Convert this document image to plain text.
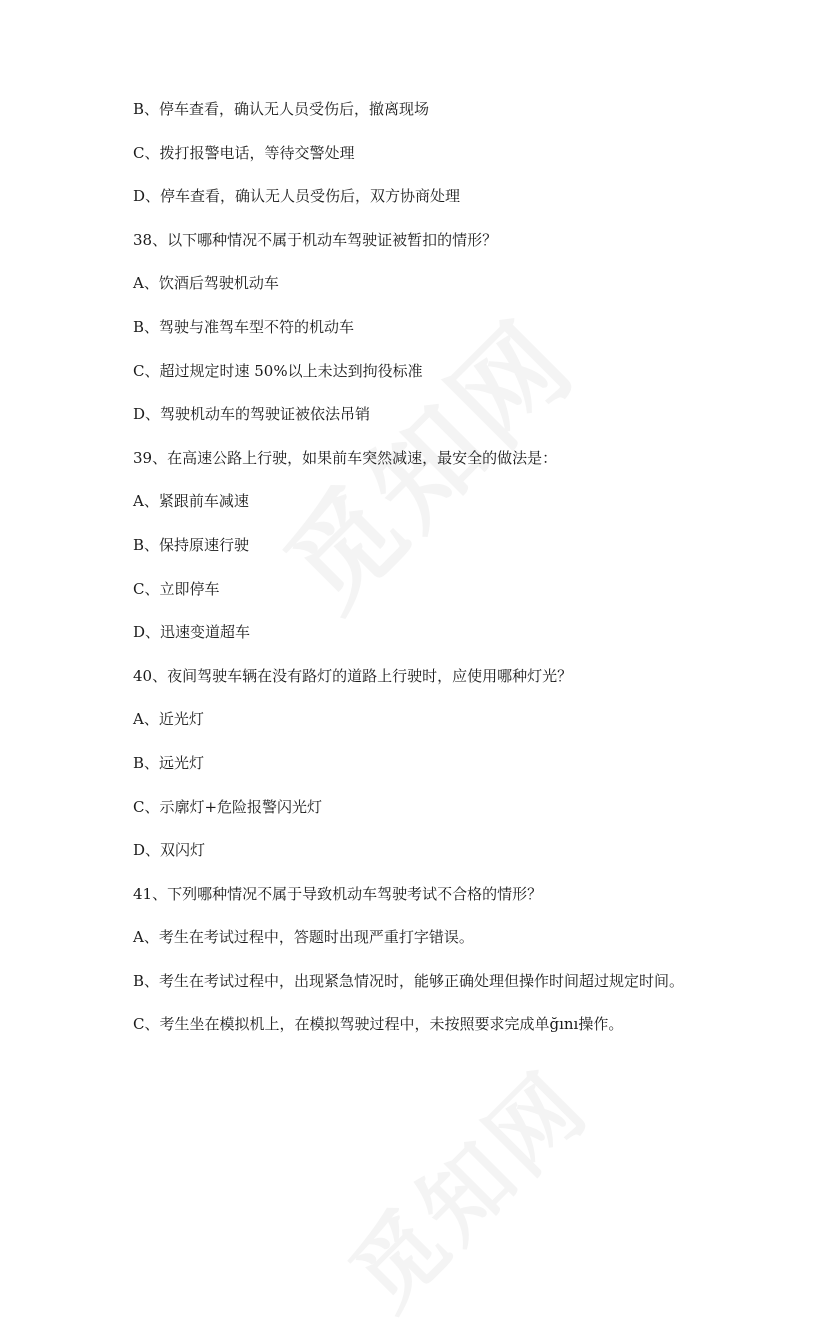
B、停车查看，确认无人员受伤后，撤离现场
C、拨打报警电话，等待交警处理
D、停车查看，确认无人员受伤后，双方协商处理
38、以下哪种情况不属于机动车驾驶证被暂扣的情形？
A、饮酒后驾驶机动车
B、驾驶与准驾车型不符的机动车
C、超过规定时速 50%以上未达到拘役标准
D、驾驶机动车的驾驶证被依法吊销
39、在高速公路上行驶，如果前车突然减速，最安全的做法是：
A、紧跟前车减速
B、保持原速行驶
C、立即停车
D、迅速变道超车
40、夜间驾驶车辆在没有路灯的道路上行驶时，应使用哪种灯光？
A、近光灯
B、远光灯
C、示廓灯+危险报警闪光灯
D、双闪灯
41、下列哪种情况不属于导致机动车驾驶考试不合格的情形？
A、考生在考试过程中，答题时出现严重打字错误。
B、考生在考试过程中，出现紧急情况时，能够正确处理但操作时间超过规定时间。
C、考生坐在模拟机上，在模拟驾驶过程中，未按照要求完成单ğını操作。
